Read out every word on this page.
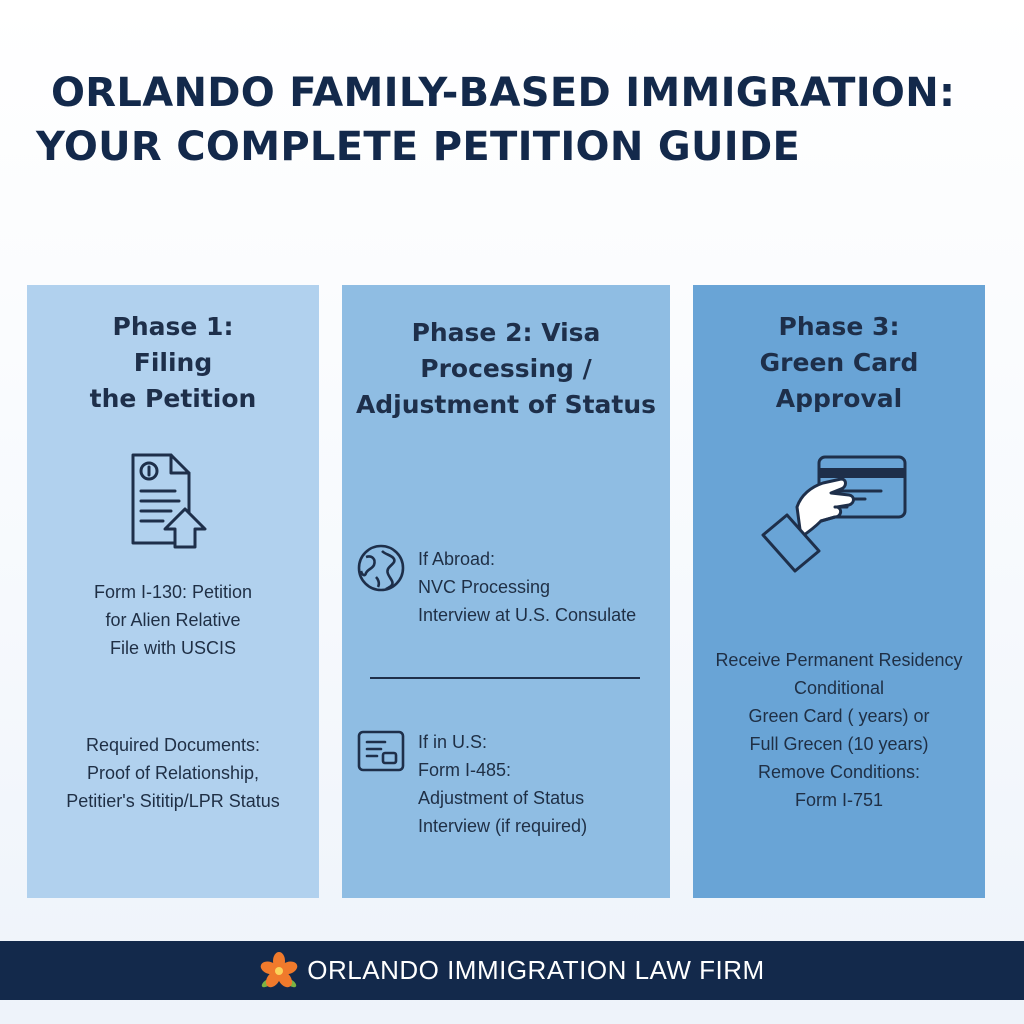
ORLANDO FAMILY-BASED IMMIGRATION:
YOUR COMPLETE PETITION GUIDE
Phase 1:
Filing
the Petition
Form I-130: Petition
for Alien Relative
File with USCIS
Required Documents:
Proof of Relationship,
Petitier's Sititip/LPR Status
Phase 2: Visa
Processing /
Adjustment of Status
If Abroad:
NVC Processing
Interview at U.S. Consulate
If in U.S:
Form I-485:
Adjustment of Status
Interview (if required)
Phase 3:
Green Card
Approval
Receive Permanent Residency
Conditional
Green Card ( years) or
Full Grecen (10 years)
Remove Conditions:
Form I-751
ORLANDO IMMIGRATION LAW FIRM
